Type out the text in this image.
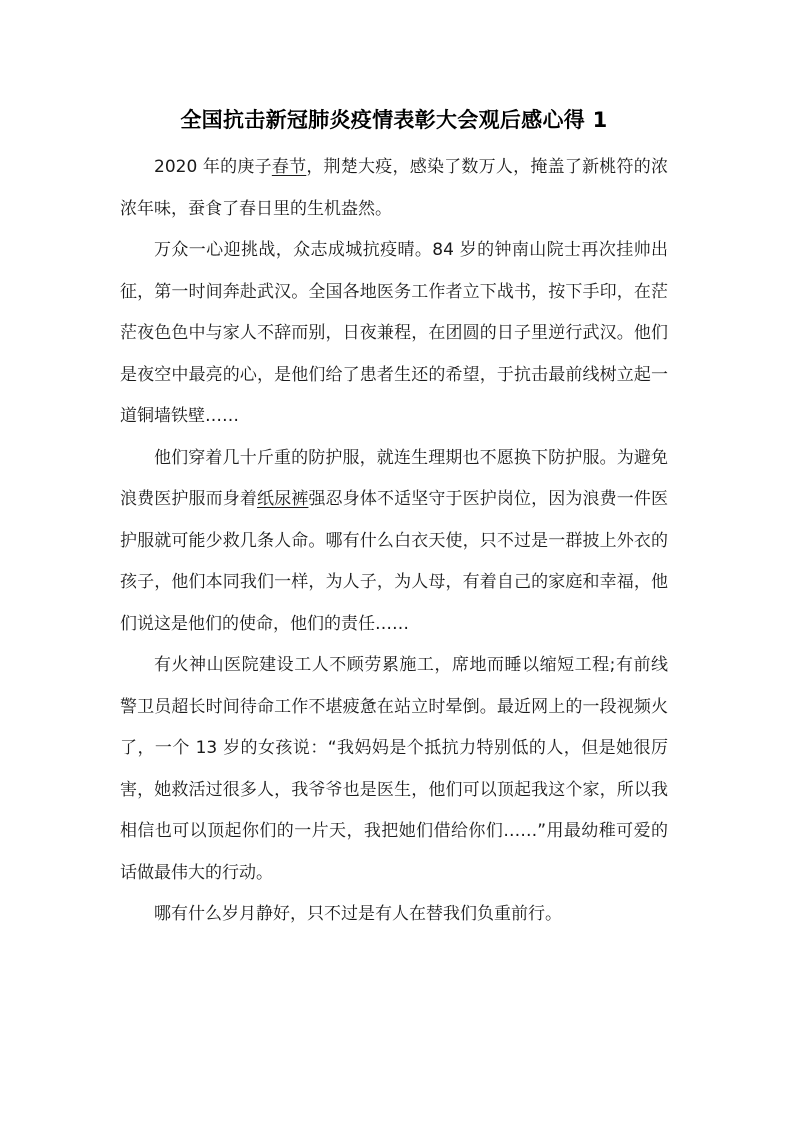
全国抗击新冠肺炎疫情表彰大会观后感心得 1

2020 年的庚子春节，荆楚大疫，感染了数万人，掩盖了新桃符的浓浓年味，蚕食了春日里的生机盎然。

万众一心迎挑战，众志成城抗疫晴。84 岁的钟南山院士再次挂帅出征，第一时间奔赴武汉。全国各地医务工作者立下战书，按下手印，在茫茫夜色色中与家人不辞而别，日夜兼程，在团圆的日子里逆行武汉。他们是夜空中最亮的心，是他们给了患者生还的希望，于抗击最前线树立起一道铜墙铁壁……

他们穿着几十斤重的防护服，就连生理期也不愿换下防护服。为避免浪费医护服而身着纸尿裤强忍身体不适坚守于医护岗位，因为浪费一件医护服就可能少救几条人命。哪有什么白衣天使，只不过是一群披上外衣的孩子，他们本同我们一样，为人子，为人母，有着自己的家庭和幸福，他们说这是他们的使命，他们的责任……

有火神山医院建设工人不顾劳累施工，席地而睡以缩短工程;有前线警卫员超长时间待命工作不堪疲惫在站立时晕倒。最近网上的一段视频火了，一个 13 岁的女孩说：“我妈妈是个抵抗力特别低的人，但是她很厉害，她救活过很多人，我爷爷也是医生，他们可以顶起我这个家，所以我相信也可以顶起你们的一片天，我把她们借给你们……”用最幼稚可爱的话做最伟大的行动。

哪有什么岁月静好，只不过是有人在替我们负重前行。
